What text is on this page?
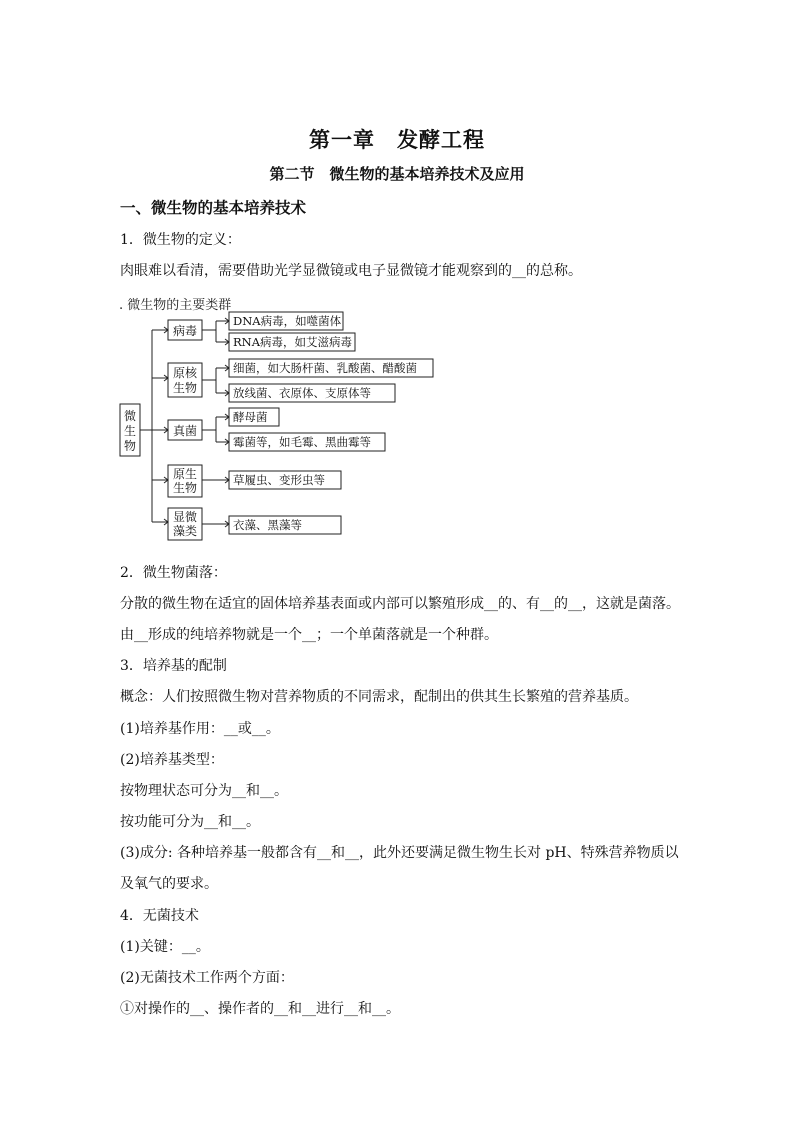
第一章　发酵工程
第二节　微生物的基本培养技术及应用
一、微生物的基本培养技术
1．微生物的定义：
肉眼难以看清，需要借助光学显微镜或电子显微镜才能观察到的__的总称。
. 微生物的主要类群
微
生
物
病毒
原核
生物
真菌
原生
生物
显微
藻类
DNA病毒，如噬菌体
RNA病毒，如艾滋病毒
细菌，如大肠杆菌、乳酸菌、醋酸菌
放线菌、衣原体、支原体等
酵母菌
霉菌等，如毛霉、黑曲霉等
草履虫、变形虫等
衣藻、黑藻等
2．微生物菌落：
分散的微生物在适宜的固体培养基表面或内部可以繁殖形成__的、有__的__，这就是菌落。
由__形成的纯培养物就是一个__；一个单菌落就是一个种群。
3．培养基的配制
概念：人们按照微生物对营养物质的不同需求，配制出的供其生长繁殖的营养基质。
(1)培养基作用：__或__。
(2)培养基类型：
按物理状态可分为__和__。
按功能可分为__和__。
(3)成分: 各种培养基一般都含有__和__，此外还要满足微生物生长对 pH、特殊营养物质以
及氧气的要求。
4．无菌技术
(1)关键：__。
(2)无菌技术工作两个方面：
①对操作的__、操作者的__和__进行__和__。
